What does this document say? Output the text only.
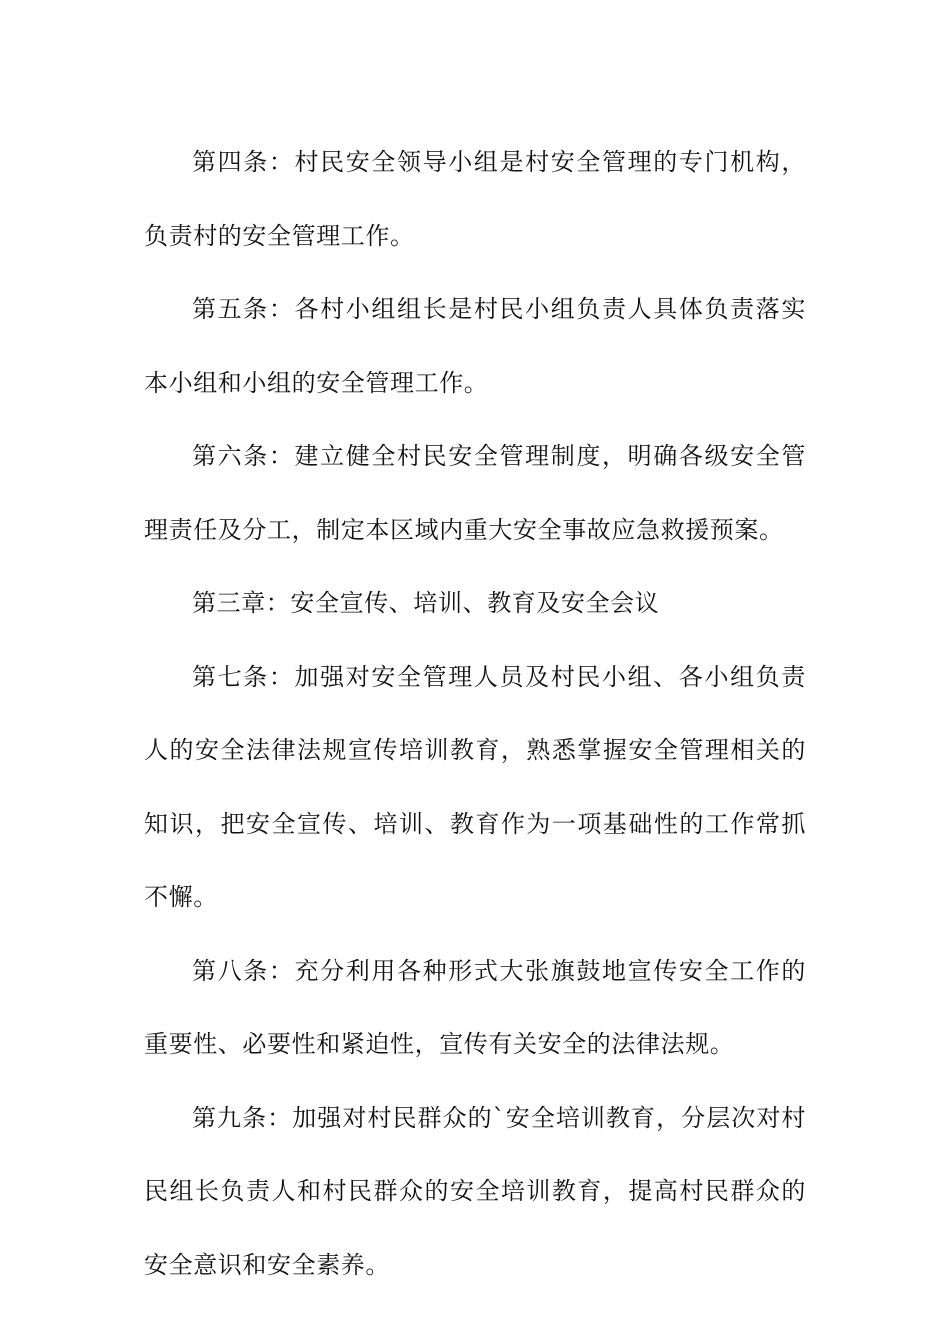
第四条：村民安全领导小组是村安全管理的专门机构，负责村的安全管理工作。

第五条：各村小组组长是村民小组负责人具体负责落实本小组和小组的安全管理工作。

第六条：建立健全村民安全管理制度，明确各级安全管理责任及分工，制定本区域内重大安全事故应急救援预案。

第三章：安全宣传、培训、教育及安全会议

第七条：加强对安全管理人员及村民小组、各小组负责人的安全法律法规宣传培训教育，熟悉掌握安全管理相关的知识，把安全宣传、培训、教育作为一项基础性的工作常抓不懈。

第八条：充分利用各种形式大张旗鼓地宣传安全工作的重要性、必要性和紧迫性，宣传有关安全的法律法规。

第九条：加强对村民群众的`安全培训教育，分层次对村民组长负责人和村民群众的安全培训教育，提高村民群众的安全意识和安全素养。
